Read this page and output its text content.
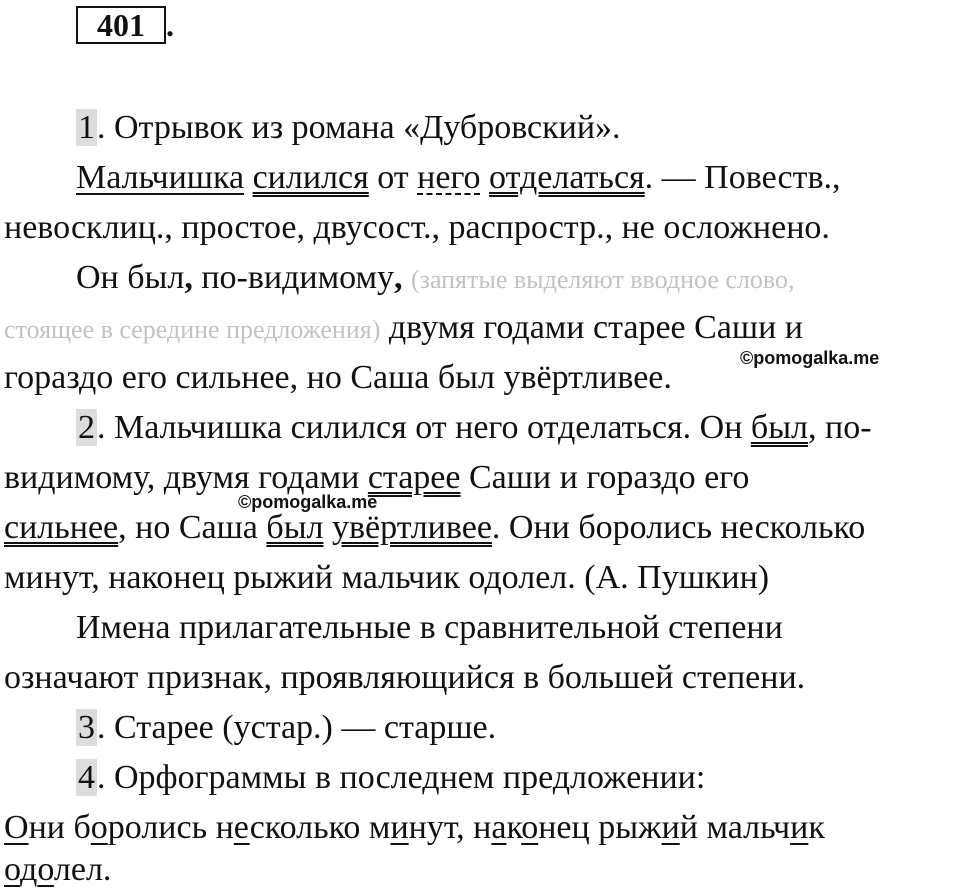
401 .
1. Отрывок из романа «Дубровский».
Мальчишка силился от него отделаться. — Повеств.,
невосклиц., простое, двусост., распростр., не осложнено.
Он был, по-видимому, (запятые выделяют вводное слово,
стоящее в середине предложения) двумя годами старее Саши и
гораздо его сильнее, но Саша был увёртливее.
©pomogalka.me
2. Мальчишка силился от него отделаться. Он был, по-
видимому, двумя годами старее Саши и гораздо его
©pomogalka.me
сильнее, но Саша был увёртливее. Они боролись несколько
минут, наконец рыжий мальчик одолел. (А. Пушкин)
Имена прилагательные в сравнительной степени
означают признак, проявляющийся в большей степени.
3. Старее (устар.) — старше.
4. Орфограммы в последнем предложении:
Они боролись несколько минут, наконец рыжий мальчик
одолел.
